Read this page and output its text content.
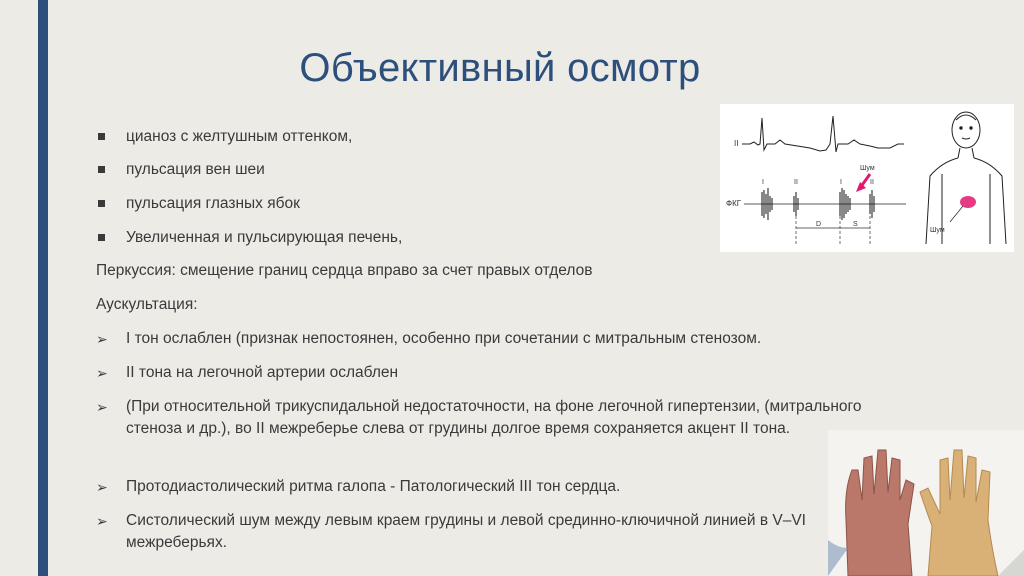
Объективный осмотр
цианоз с желтушным оттенком,
пульсация вен шеи
пульсация глазных ябок
Увеличенная и пульсирующая печень,
Перкуссия: смещение границ сердца вправо за счет правых отделов
Аускультация:
➢ I тон ослаблен (признак непостоянен, особенно при сочетании с митральным стенозом.
➢ II тона на легочной артерии ослаблен
➢ (При относительной трикуспидальной недостаточности, на фоне легочной гипертензии, (митрального стеноза и др.), во II межреберье слева от грудины долгое время сохраняется акцент II тона.
➢ Протодиастолический ритма галопа - Патологический III тон сердца.
➢ Систолический шум между левым краем грудины и левой срединно-ключичной линией в V–VI межреберьях.
II
ФКГ
I	II	I	II
Шум
D	S
Шум
